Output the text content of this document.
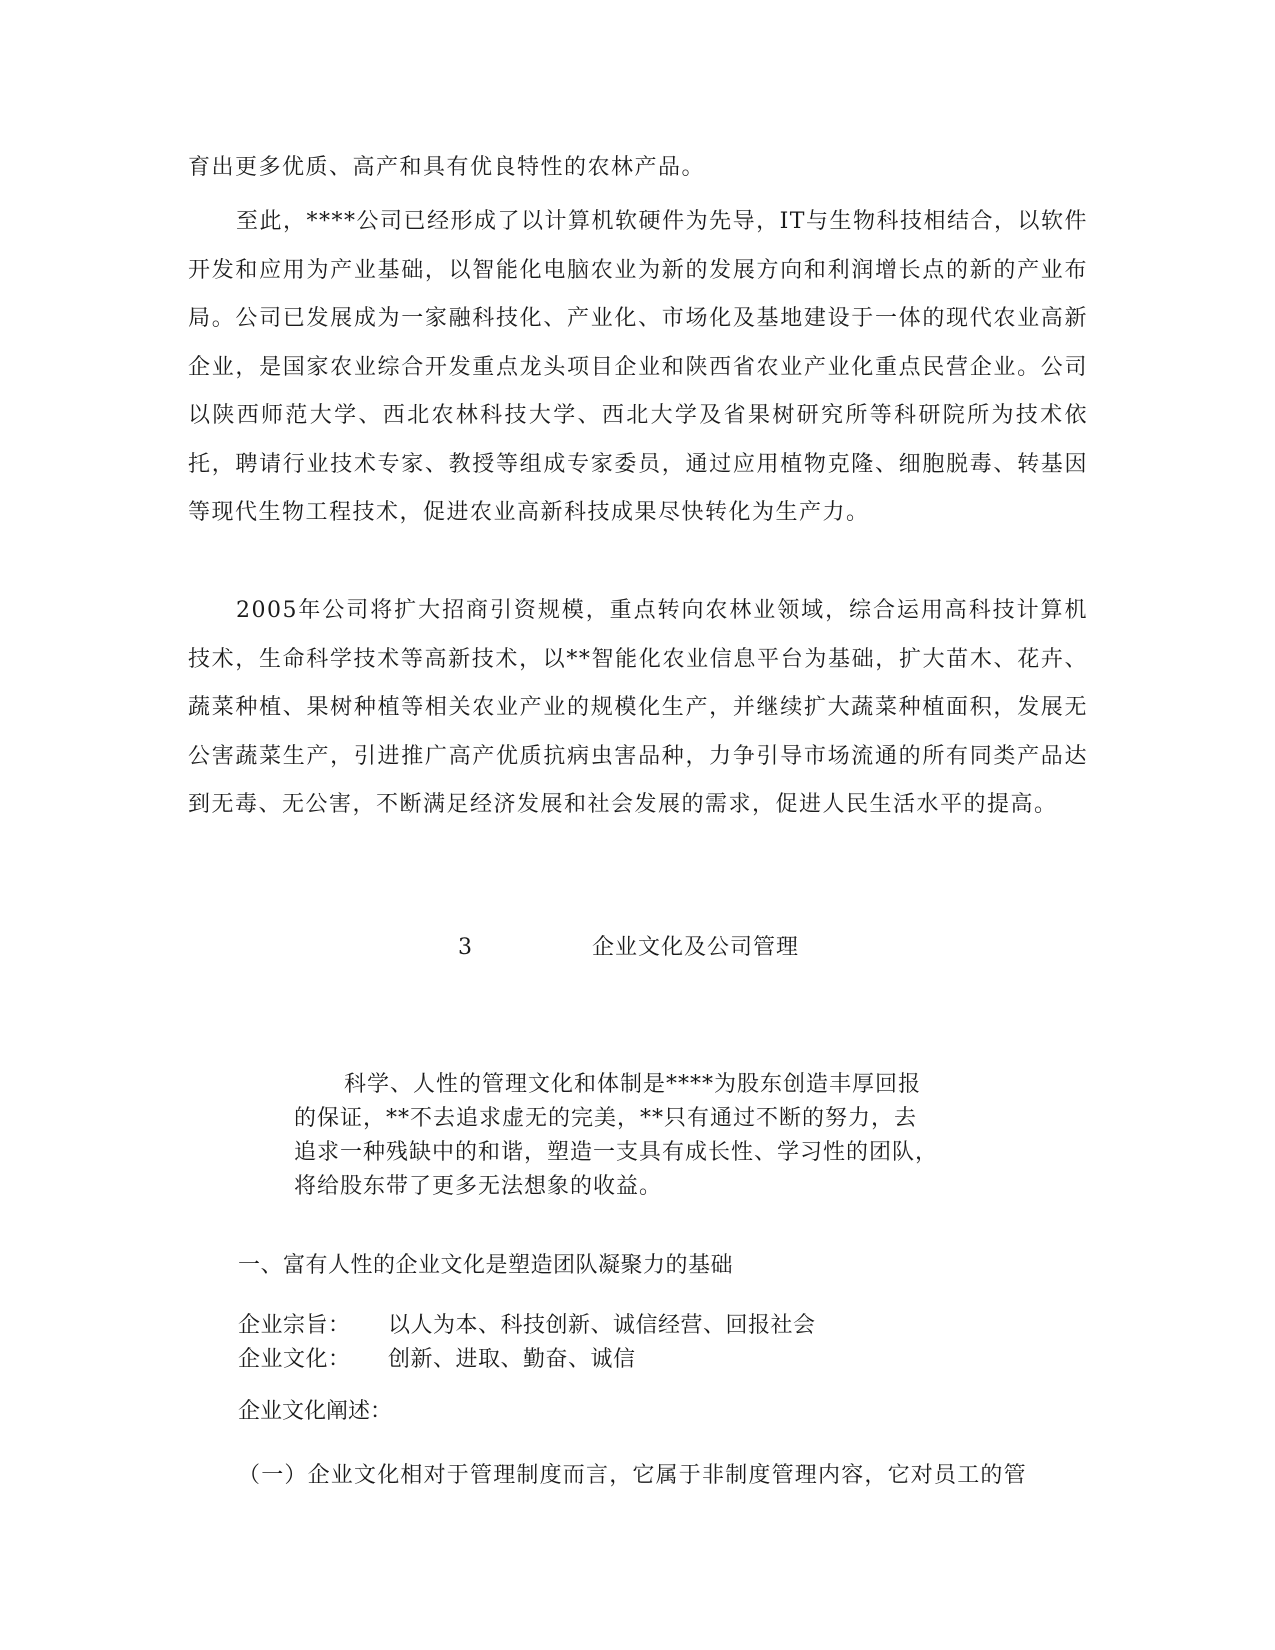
育出更多优质、高产和具有优良特性的农林产品。

至此，****公司已经形成了以计算机软硬件为先导，IT与生物科技相结合，以软件开发和应用为产业基础，以智能化电脑农业为新的发展方向和利润增长点的新的产业布局。公司已发展成为一家融科技化、产业化、市场化及基地建设于一体的现代农业高新企业，是国家农业综合开发重点龙头项目企业和陕西省农业产业化重点民营企业。公司以陕西师范大学、西北农林科技大学、西北大学及省果树研究所等科研院所为技术依托，聘请行业技术专家、教授等组成专家委员，通过应用植物克隆、细胞脱毒、转基因等现代生物工程技术，促进农业高新科技成果尽快转化为生产力。

2005年公司将扩大招商引资规模，重点转向农林业领域，综合运用高科技计算机技术，生命科学技术等高新技术，以**智能化农业信息平台为基础，扩大苗木、花卉、蔬菜种植、果树种植等相关农业产业的规模化生产，并继续扩大蔬菜种植面积，发展无公害蔬菜生产，引进推广高产优质抗病虫害品种，力争引导市场流通的所有同类产品达到无毒、无公害，不断满足经济发展和社会发展的需求，促进人民生活水平的提高。

3	企业文化及公司管理
科学、人性的管理文化和体制是****为股东创造丰厚回报
的保证，**不去追求虚无的完美，**只有通过不断的努力，去
追求一种残缺中的和谐，塑造一支具有成长性、学习性的团队，
将给股东带了更多无法想象的收益。

一、富有人性的企业文化是塑造团队凝聚力的基础

企业宗旨： 以人为本、科技创新、诚信经营、回报社会

企业文化： 创新、进取、勤奋、诚信

企业文化阐述：

（一）企业文化相对于管理制度而言，它属于非制度管理内容，它对员工的管
